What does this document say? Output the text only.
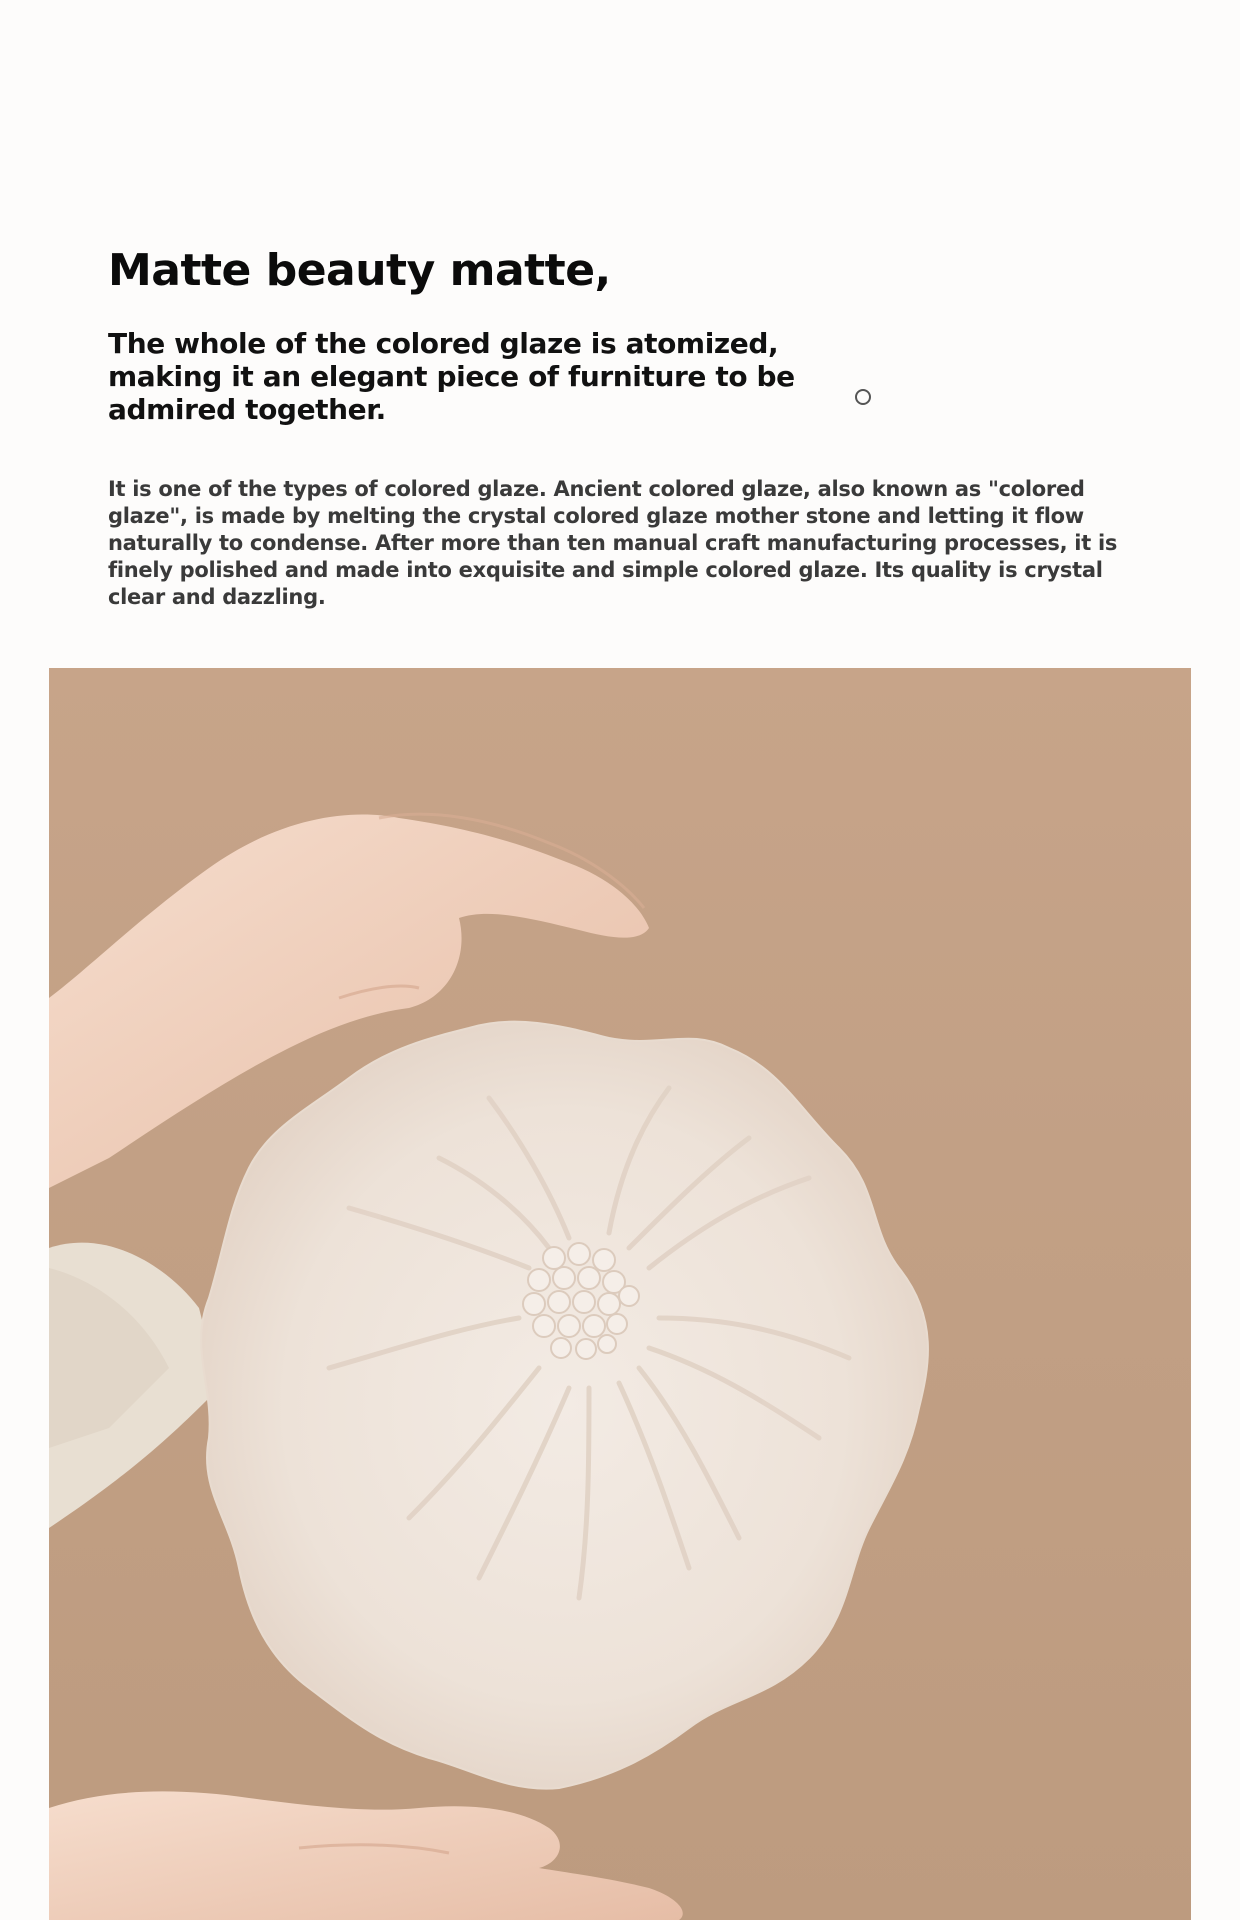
Matte beauty matte,

The whole of the colored glaze is atomized, making it an elegant piece of furniture to be admired together.

It is one of the types of colored glaze. Ancient colored glaze, also known as "colored glaze", is made by melting the crystal colored glaze mother stone and letting it flow naturally to condense. After more than ten manual craft manufacturing processes, it is finely polished and made into exquisite and simple colored glaze. Its quality is crystal clear and dazzling.
